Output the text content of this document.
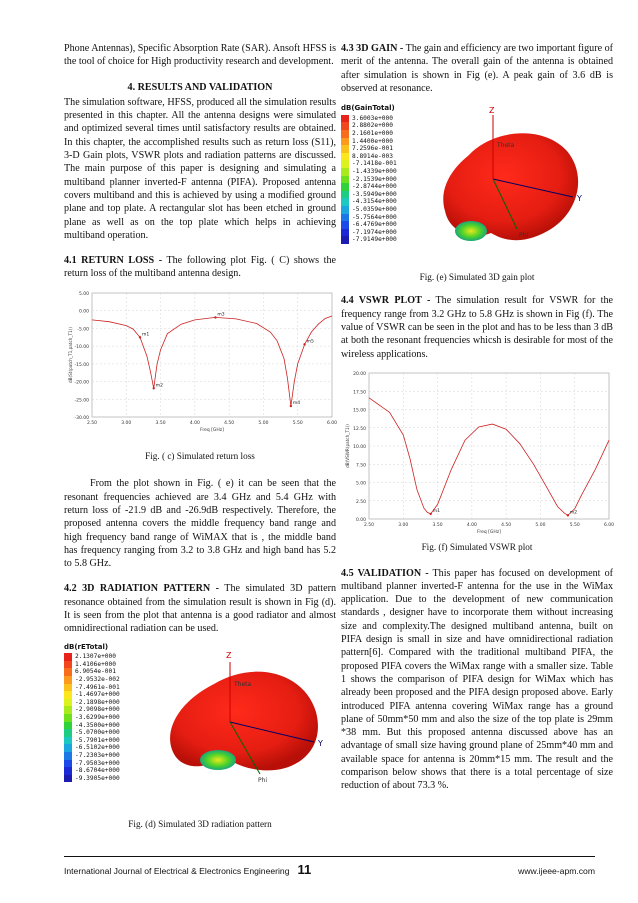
Phone Antennas), Specific Absorption Rate (SAR). Ansoft HFSS is the tool of choice for High productivity research and development.

4. RESULTS AND VALIDATION

The simulation software, HFSS, produced all the simulation results presented in this chapter. All the antenna designs were simulated and optimized several times until satisfactory results are obtained. In this chapter, the accomplished results such as return loss (S11), 3-D Gain plots, VSWR plots and radiation patterns are discussed. The main purpose of this paper is designing and simulating a multiband planner inverted-F antenna (PIFA). Proposed antenna covers multiband and this is achieved by using a modified ground plane and top plate. A rectangular slot has been etched in ground plane as well as on the top plate which helps in achieving multiband operation.

4.1 RETURN LOSS - The following plot Fig. ( C) shows the return loss of the multiband antenna design.

5.00
0.00
-5.00
-10.00
-15.00
-20.00
-25.00
-30.00
2.50	3.00	3.50	4.00	4.50	5.00	5.50	6.00
Freq [GHz]
dB(St(patch_T1,patch_T1))	m1
m2
m3
m4
m5

Fig. ( c) Simulated return loss

From the plot shown in Fig. ( e) it can be seen that the resonant frequencies achieved are 3.4 GHz and 5.4 GHz with return loss of -21.9 dB and -26.9dB respectively. Therefore, the proposed antenna covers the middle frequency band range and high frequency band range of WiMAX that is , the middle band has frequency ranging from 3.2 to 3.8 GHz and high band has 5.2 to 5.8 GHz.

4.2 3D RADIATION PATTERN - The simulated 3D pattern resonance obtained from the simulation result is shown in Fig (d). It is seen from the plot that antenna is a good radiator and almost omnidirectional radiation can be used.

dB(rETotal)
2.1307e+000
1.4106e+000
6.9054e-001
-2.9532e-002
-7.4961e-001
-1.4697e+000
-2.1898e+000
-2.9098e+000
-3.6299e+000
-4.3500e+000
-5.0700e+000
-5.7901e+000
-6.5102e+000
-7.2303e+000
-7.9503e+000
-8.6704e+000
-9.3905e+000
Z
Y
Theta
Phi

Fig. (d) Simulated 3D radiation pattern

4.3 3D GAIN - The gain and efficiency are two important figure of merit of the antenna. The overall gain of the antenna is obtained after simulation is shown in Fig (e). A peak gain of 3.6 dB is observed at resonance.

dB(GainTotal)
3.6003e+000
2.8802e+000
2.1601e+000
1.4400e+000
7.2596e-001
8.8914e-003
-7.1418e-001
-1.4339e+000
-2.1539e+000
-2.8744e+000
-3.5949e+000
-4.3154e+000
-5.0359e+000
-5.7564e+000
-6.4769e+000
-7.1974e+000
-7.9149e+000
Z
Y
Theta
Phi

Fig. (e) Simulated 3D gain plot

4.4 VSWR PLOT - The simulation result for VSWR for the frequency range from 3.2 GHz to 5.8 GHz is shown in Fig (f). The value of VSWR can be seen in the plot and has to be less than 3 dB at both the resonant frequencies whicsh is desirable for most of the wireless applications.

20.00
17.50
15.00
12.50
10.00
7.50
5.00
2.50
0.00
2.50	3.00	3.50	4.00	4.50	5.00	5.50	6.00
Freq [GHz]
dB(VSWR(patch_T1))
m1	m2

Fig. (f) Simulated VSWR plot

4.5 VALIDATION - This paper has focused on development of multiband planner inverted-F antenna for the use in the WiMax application. Due to the development of new communication standards , designer have to incorporate them without increasing size and complexity.The designed multiband antenna, built on PIFA design is small in size and have omnidirectional radiation pattern[6]. Compared with the traditional multiband PIFA, the proposed PIFA covers the WiMax range with a smaller size. Table 1 shows the comparison of PIFA design for WiMax which has already been proposed and the PIFA design proposed above. Early introduced PIFA antenna covering WiMax range has a ground plane of 50mm*50 mm and also the size of the top plate is 29mm *38 mm. But this proposed antenna discussed above has an advantage of small size having ground plane of 25mm*40 mm and available space for antenna is 20mm*15 mm. The result and the comparison below shows that there is a total percentage of size reduction of about 73.3 %.

International Journal of Electrical & Electronics Engineering 11	www.ijeee-apm.com
